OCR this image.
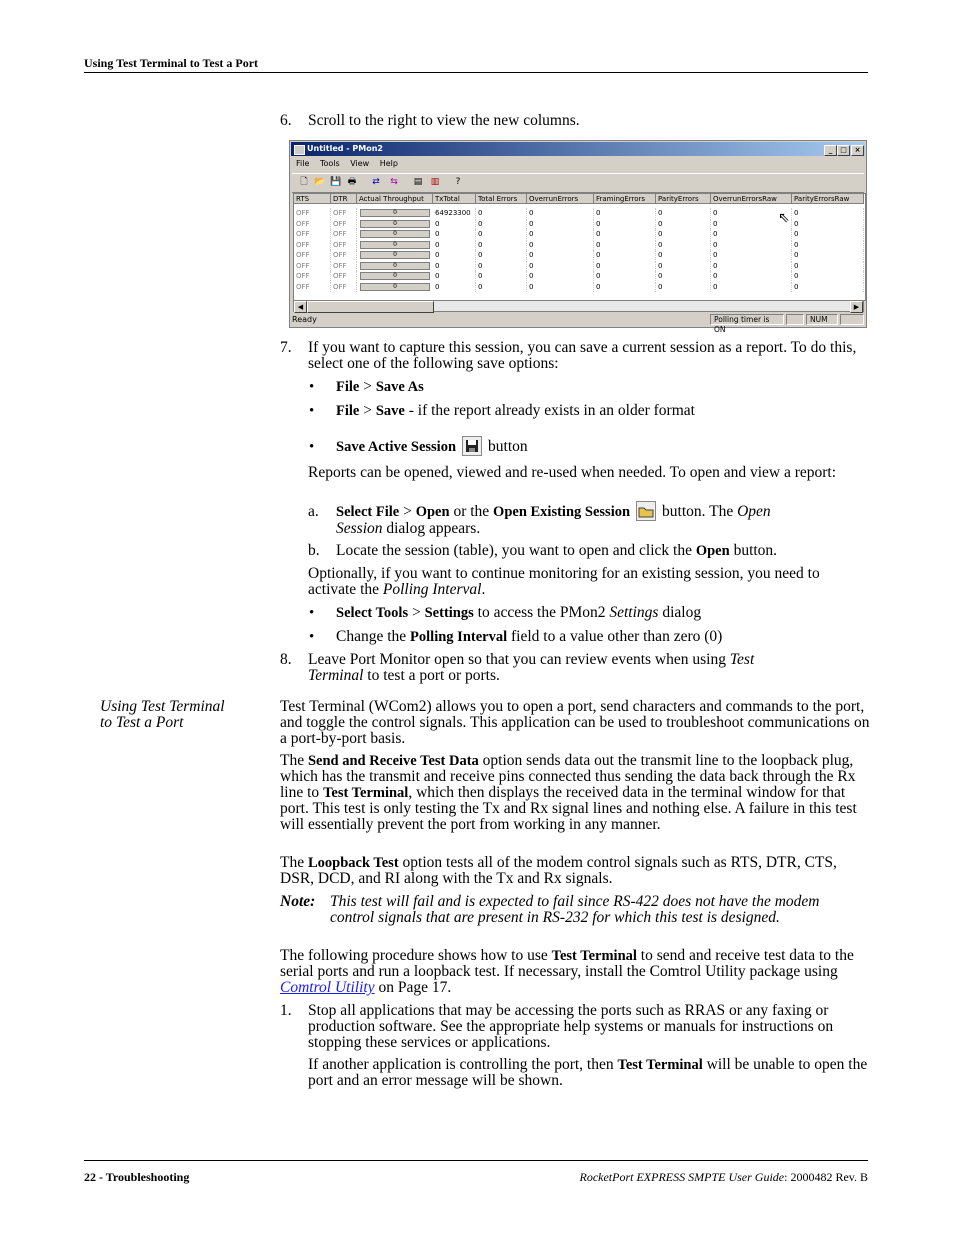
Using Test Terminal to Test a Port
6. Scroll to the right to view the new columns.
Untitled - PMon2	_	□	×
File Tools View Help
🗋 📂 💾 🖶 ⇄ ⇆ ▤ ▥	?
RTS	DTR	Actual Throughput	TxTotal	Total Errors	OverrunErrors	FramingErrors	ParityErrors	OverrunErrorsRaw	ParityErrorsRaw
OFF	OFF	0	64923300	0	0	0	0	0	0
OFF	OFF	0	0	0	0	0	0	0	0
OFF	OFF	0	0	0	0	0	0	0	0
OFF	OFF	0	0	0	0	0	0	0	0
OFF	OFF	0	0	0	0	0	0	0	0
OFF	OFF	0	0	0	0	0	0	0	0
OFF	OFF	0	0	0	0	0	0	0	0
OFF	OFF	0	0	0	0	0	0	0	0
⇖
◀	▶
Ready	Polling timer is ON
NUM
7. If you want to capture this session, you can save a current session as a report. To do this, select one of the following save options:
• File > Save As
• File > Save - if the report already exists in an older format
• Save Active Session button
Reports can be opened, viewed and re-used when needed. To open and view a report:
a. Select File > Open or the Open Existing Session button. The Open
Session dialog appears.
b. Locate the session (table), you want to open and click the Open button.
Optionally, if you want to continue monitoring for an existing session, you need to activate the Polling Interval.
• Select Tools > Settings to access the PMon2 Settings dialog
• Change the Polling Interval field to a value other than zero (0)
8. Leave Port Monitor open so that you can review events when using Test
Terminal to test a port or ports.
Using Test Terminal
to Test a Port
Test Terminal (WCom2) allows you to open a port, send characters and commands to the port, and toggle the control signals. This application can be used to troubleshoot communications on a port-by-port basis.
The Send and Receive Test Data option sends data out the transmit line to the loopback plug, which has the transmit and receive pins connected thus sending the data back through the Rx line to Test Terminal, which then displays the received data in the terminal window for that port. This test is only testing the Tx and Rx signal lines and nothing else. A failure in this test will essentially prevent the port from working in any manner.
The Loopback Test option tests all of the modem control signals such as RTS, DTR, CTS, DSR, DCD, and RI along with the Tx and Rx signals.
Note: This test will fail and is expected to fail since RS-422 does not have the modem control signals that are present in RS-232 for which this test is designed.
The following procedure shows how to use Test Terminal to send and receive test data to the serial ports and run a loopback test. If necessary, install the Comtrol Utility package using Comtrol Utility on Page 17.
1. Stop all applications that may be accessing the ports such as RRAS or any faxing or production software. See the appropriate help systems or manuals for instructions on stopping these services or applications.
If another application is controlling the port, then Test Terminal will be unable to open the port and an error message will be shown.
22 - Troubleshooting	RocketPort EXPRESS SMPTE User Guide: 2000482 Rev. B
